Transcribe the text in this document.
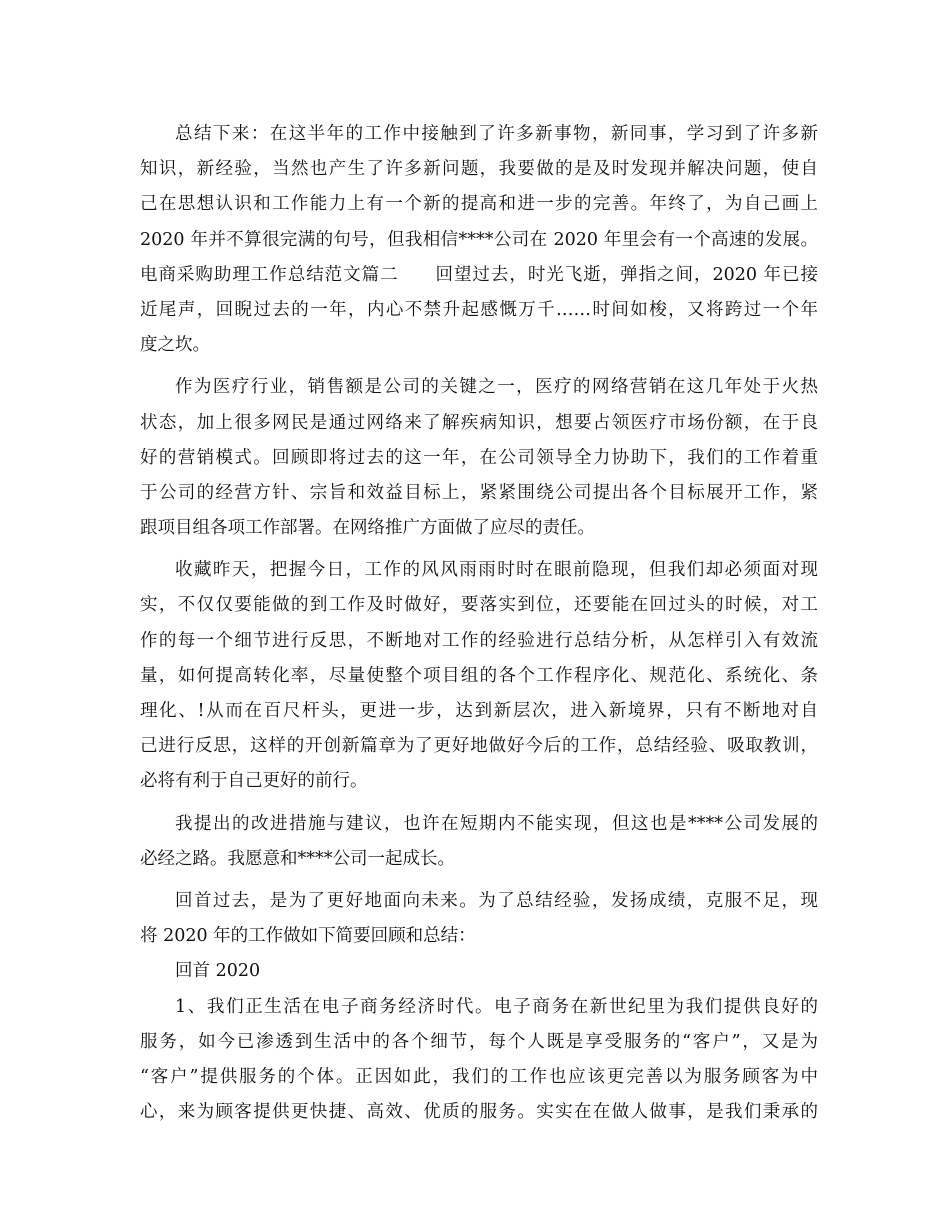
总结下来：在这半年的工作中接触到了许多新事物，新同事，学习到了许多新
知识，新经验，当然也产生了许多新问题，我要做的是及时发现并解决问题，使自
己在思想认识和工作能力上有一个新的提高和进一步的完善。年终了，为自己画上
2020 年并不算很完满的句号，但我相信****公司在 2020 年里会有一个高速的发展。
电商采购助理工作总结范文篇二　　回望过去，时光飞逝，弹指之间，2020 年已接
近尾声，回睨过去的一年，内心不禁升起感慨万千……时间如梭，又将跨过一个年
度之坎。
作为医疗行业，销售额是公司的关键之一，医疗的网络营销在这几年处于火热
状态，加上很多网民是通过网络来了解疾病知识，想要占领医疗市场份额，在于良
好的营销模式。回顾即将过去的这一年，在公司领导全力协助下，我们的工作着重
于公司的经营方针、宗旨和效益目标上，紧紧围绕公司提出各个目标展开工作，紧
跟项目组各项工作部署。在网络推广方面做了应尽的责任。
收藏昨天，把握今日，工作的风风雨雨时时在眼前隐现，但我们却必须面对现
实，不仅仅要能做的到工作及时做好，要落实到位，还要能在回过头的时候，对工
作的每一个细节进行反思，不断地对工作的经验进行总结分析，从怎样引入有效流
量，如何提高转化率，尽量使整个项目组的各个工作程序化、规范化、系统化、条
理化、!从而在百尺杆头，更进一步，达到新层次，进入新境界，只有不断地对自
己进行反思，这样的开创新篇章为了更好地做好今后的工作，总结经验、吸取教训，
必将有利于自己更好的前行。
我提出的改进措施与建议，也许在短期内不能实现，但这也是****公司发展的
必经之路。我愿意和****公司一起成长。
回首过去，是为了更好地面向未来。为了总结经验，发扬成绩，克服不足，现
将 2020 年的工作做如下简要回顾和总结：
回首 2020
1、我们正生活在电子商务经济时代。电子商务在新世纪里为我们提供良好的
服务，如今已渗透到生活中的各个细节，每个人既是享受服务的“客户”，又是为
“客户”提供服务的个体。正因如此，我们的工作也应该更完善以为服务顾客为中
心，来为顾客提供更快捷、高效、优质的服务。实实在在做人做事，是我们秉承的
